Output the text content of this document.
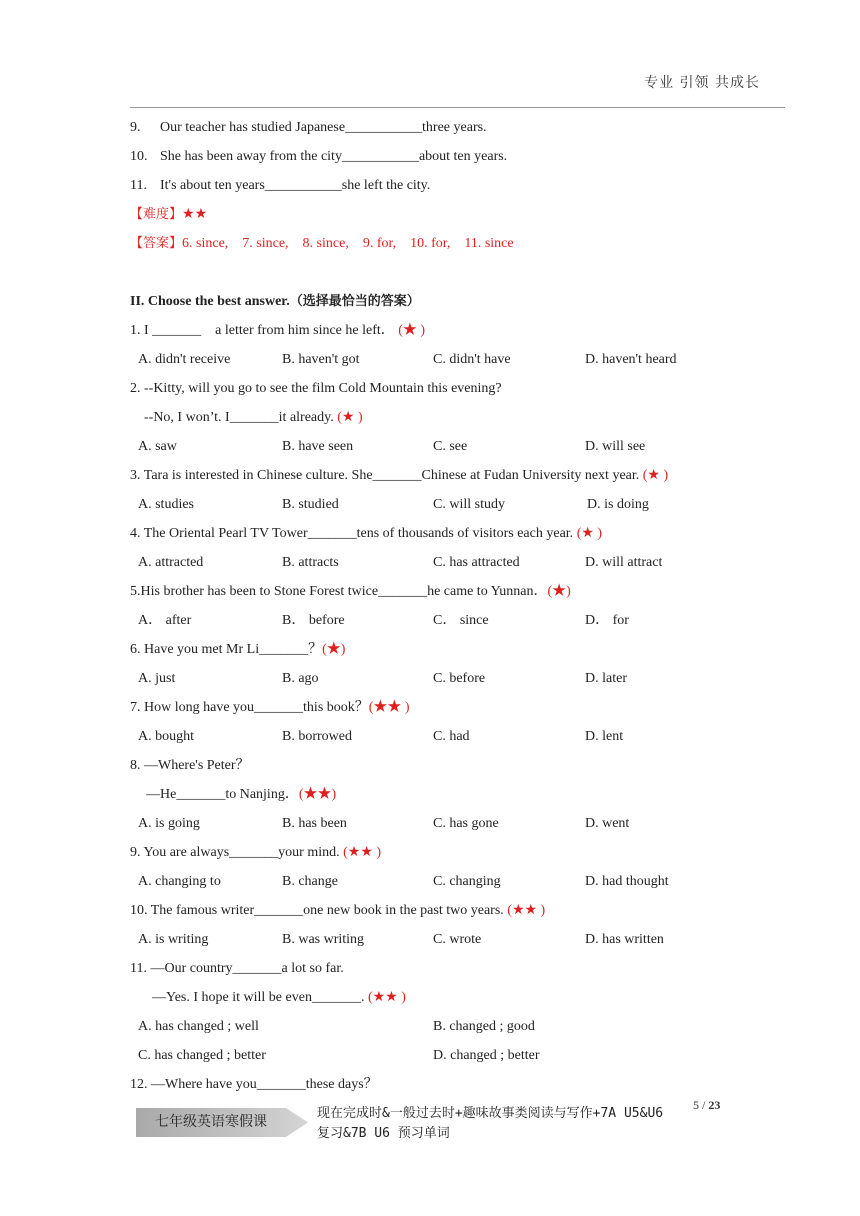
专业 引领 共成长
9. Our teacher has studied Japanese___________three years.
10. She has been away from the city___________about ten years.
11. It's about ten years___________she left the city.
【难度】★★
【答案】6. since,    7. since,    8. since,    9. for,    10. for,    11. since
II. Choose the best answer.（选择最恰当的答案）
1. I _______    a letter from him since he left． (★ )
A. didn't receive	B. haven't got	C. didn't have	D. haven't heard
2. --Kitty, will you go to see the film Cold Mountain this evening?
--No, I won’t. I_______it already. (★ )
A. saw	B. have seen	C. see	D. will see
3. Tara is interested in Chinese culture. She_______Chinese at Fudan University next year. (★ )
A. studies	B. studied	C. will study	D. is doing
4. The Oriental Pearl TV Tower_______tens of thousands of visitors each year. (★ )
A. attracted	B. attracts	C. has attracted	D. will attract
5.His brother has been to Stone Forest twice_______he came to Yunnan．(★)
A． after	B． before	C． since	D． for
6. Have you met Mr Li_______？(★)
A. just	B. ago	C. before	D. later
7. How long have you_______this book？(★★ )
A. bought	B. borrowed	C. had	D. lent
8. —Where's Peter？
—He_______to Nanjing．(★★)
A. is going	B. has been	C. has gone	D. went
9. You are always_______your mind. (★★ )
A. changing to	B. change	C. changing	D. had thought
10. The famous writer_______one new book in the past two years. (★★ )
A. is writing	B. was writing	C. wrote	D. has written
11. —Our country_______a lot so far.
—Yes. I hope it will be even_______. (★★ )
A. has changed ; well	B. changed ; good
C. has changed ; better	D. changed ; better
12. —Where have you_______these days？
七年级英语寒假课
现在完成时&一般过去时+趣味故事类阅读与写作+7A U5&U6 复习&7B U6 预习单词
5 / 23
